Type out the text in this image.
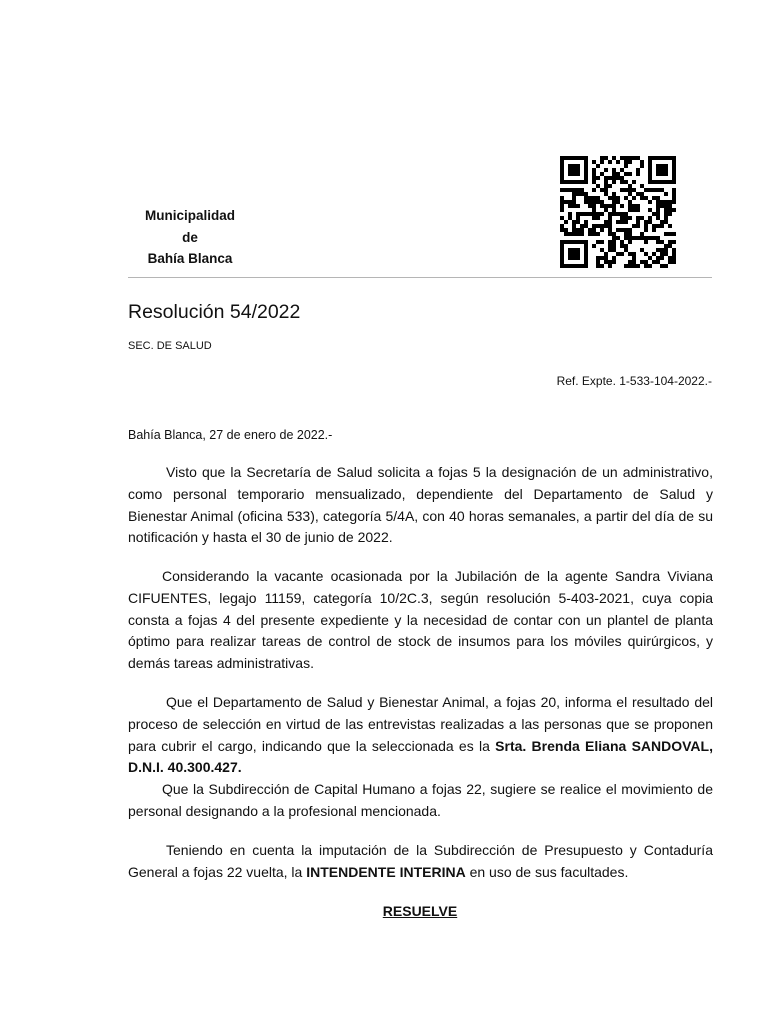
Municipalidad
de
Bahía Blanca
Resolución 54/2022
SEC. DE SALUD
Ref. Expte. 1-533-104-2022.-
Bahía Blanca, 27 de enero de 2022.-

Visto que la Secretaría de Salud solicita a fojas 5 la designación de un administrativo, como personal temporario mensualizado, dependiente del Departamento de Salud y Bienestar Animal (oficina 533), categoría 5/4A, con 40 horas semanales, a partir del día de su notificación y hasta el 30 de junio de 2022.

Considerando la vacante ocasionada por la Jubilación de la agente Sandra Viviana CIFUENTES, legajo 11159, categoría 10/2C.3, según resolución 5-403-2021, cuya copia consta a fojas 4 del presente expediente y la necesidad de contar con un plantel de planta óptimo para realizar tareas de control de stock de insumos para los móviles quirúrgicos, y demás tareas administrativas.

Que el Departamento de Salud y Bienestar Animal, a fojas 20, informa el resultado del proceso de selección en virtud de las entrevistas realizadas a las personas que se proponen para cubrir el cargo, indicando que la seleccionada es la Srta. Brenda Eliana SANDOVAL, D.N.I. 40.300.427.

Que la Subdirección de Capital Humano a fojas 22, sugiere se realice el movimiento de personal designando a la profesional mencionada.

Teniendo en cuenta la imputación de la Subdirección de Presupuesto y Contaduría General a fojas 22 vuelta, la INTENDENTE INTERINA en uso de sus facultades.

RESUELVE
